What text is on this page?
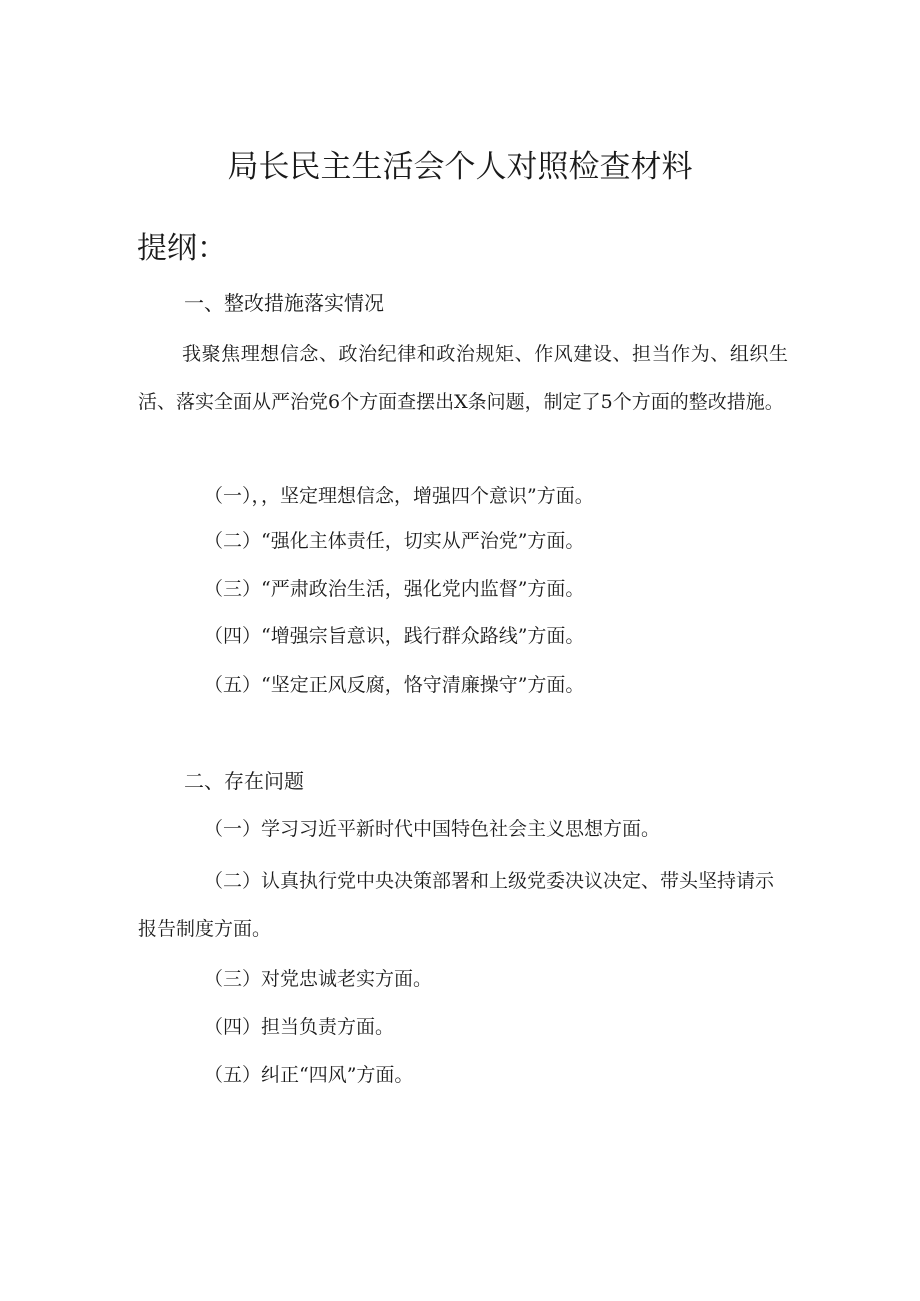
局长民主生活会个人对照检查材料
提纲：
一、整改措施落实情况
我聚焦理想信念、政治纪律和政治规矩、作风建设、担当作为、组织生活、落实全面从严治党6个方面查摆出X条问题，制定了5个方面的整改措施。
（一），，坚定理想信念，增强四个意识”方面。
（二）“强化主体责任，切实从严治党”方面。
（三）“严肃政治生活，强化党内监督”方面。
（四）“增强宗旨意识，践行群众路线”方面。
（五）“坚定正风反腐，恪守清廉操守”方面。
二、存在问题
（一）学习习近平新时代中国特色社会主义思想方面。
（二）认真执行党中央决策部署和上级党委决议决定、带头坚持请示报告制度方面。
（三）对党忠诚老实方面。
（四）担当负责方面。
（五）纠正“四风”方面。
